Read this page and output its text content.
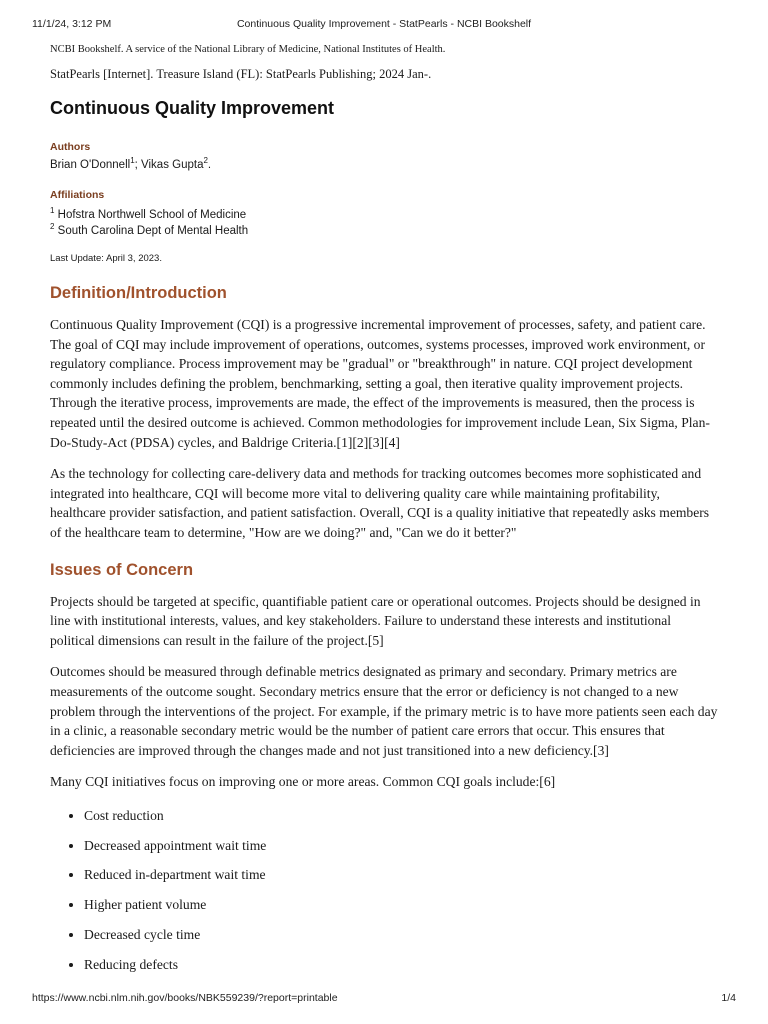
11/1/24, 3:12 PM	Continuous Quality Improvement - StatPearls - NCBI Bookshelf
NCBI Bookshelf. A service of the National Library of Medicine, National Institutes of Health.
StatPearls [Internet]. Treasure Island (FL): StatPearls Publishing; 2024 Jan-.
Continuous Quality Improvement
Authors
Brian O'Donnell$^1$; Vikas Gupta$^2$.
Affiliations
$^1$ Hofstra Northwell School of Medicine
$^2$ South Carolina Dept of Mental Health
Last Update: April 3, 2023.
Definition/Introduction

Continuous Quality Improvement (CQI) is a progressive incremental improvement of processes, safety, and patient care. The goal of CQI may include improvement of operations, outcomes, systems processes, improved work environment, or regulatory compliance. Process improvement may be "gradual" or "breakthrough" in nature. CQI project development commonly includes defining the problem, benchmarking, setting a goal, then iterative quality improvement projects. Through the iterative process, improvements are made, the effect of the improvements is measured, then the process is repeated until the desired outcome is achieved. Common methodologies for improvement include Lean, Six Sigma, Plan-Do-Study-Act (PDSA) cycles, and Baldrige Criteria.[1][2][3][4]

As the technology for collecting care-delivery data and methods for tracking outcomes becomes more sophisticated and integrated into healthcare, CQI will become more vital to delivering quality care while maintaining profitability, healthcare provider satisfaction, and patient satisfaction. Overall, CQI is a quality initiative that repeatedly asks members of the healthcare team to determine, "How are we doing?" and, "Can we do it better?"

Issues of Concern

Projects should be targeted at specific, quantifiable patient care or operational outcomes. Projects should be designed in line with institutional interests, values, and key stakeholders. Failure to understand these interests and institutional political dimensions can result in the failure of the project.[5]

Outcomes should be measured through definable metrics designated as primary and secondary. Primary metrics are measurements of the outcome sought. Secondary metrics ensure that the error or deficiency is not changed to a new problem through the interventions of the project. For example, if the primary metric is to have more patients seen each day in a clinic, a reasonable secondary metric would be the number of patient care errors that occur. This ensures that deficiencies are improved through the changes made and not just transitioned into a new deficiency.[3]

Many CQI initiatives focus on improving one or more areas. Common CQI goals include:[6]

• Cost reduction
• Decreased appointment wait time
• Reduced in-department wait time
• Higher patient volume
• Decreased cycle time
• Reducing defects
https://www.ncbi.nlm.nih.gov/books/NBK559239/?report=printable	1/4
